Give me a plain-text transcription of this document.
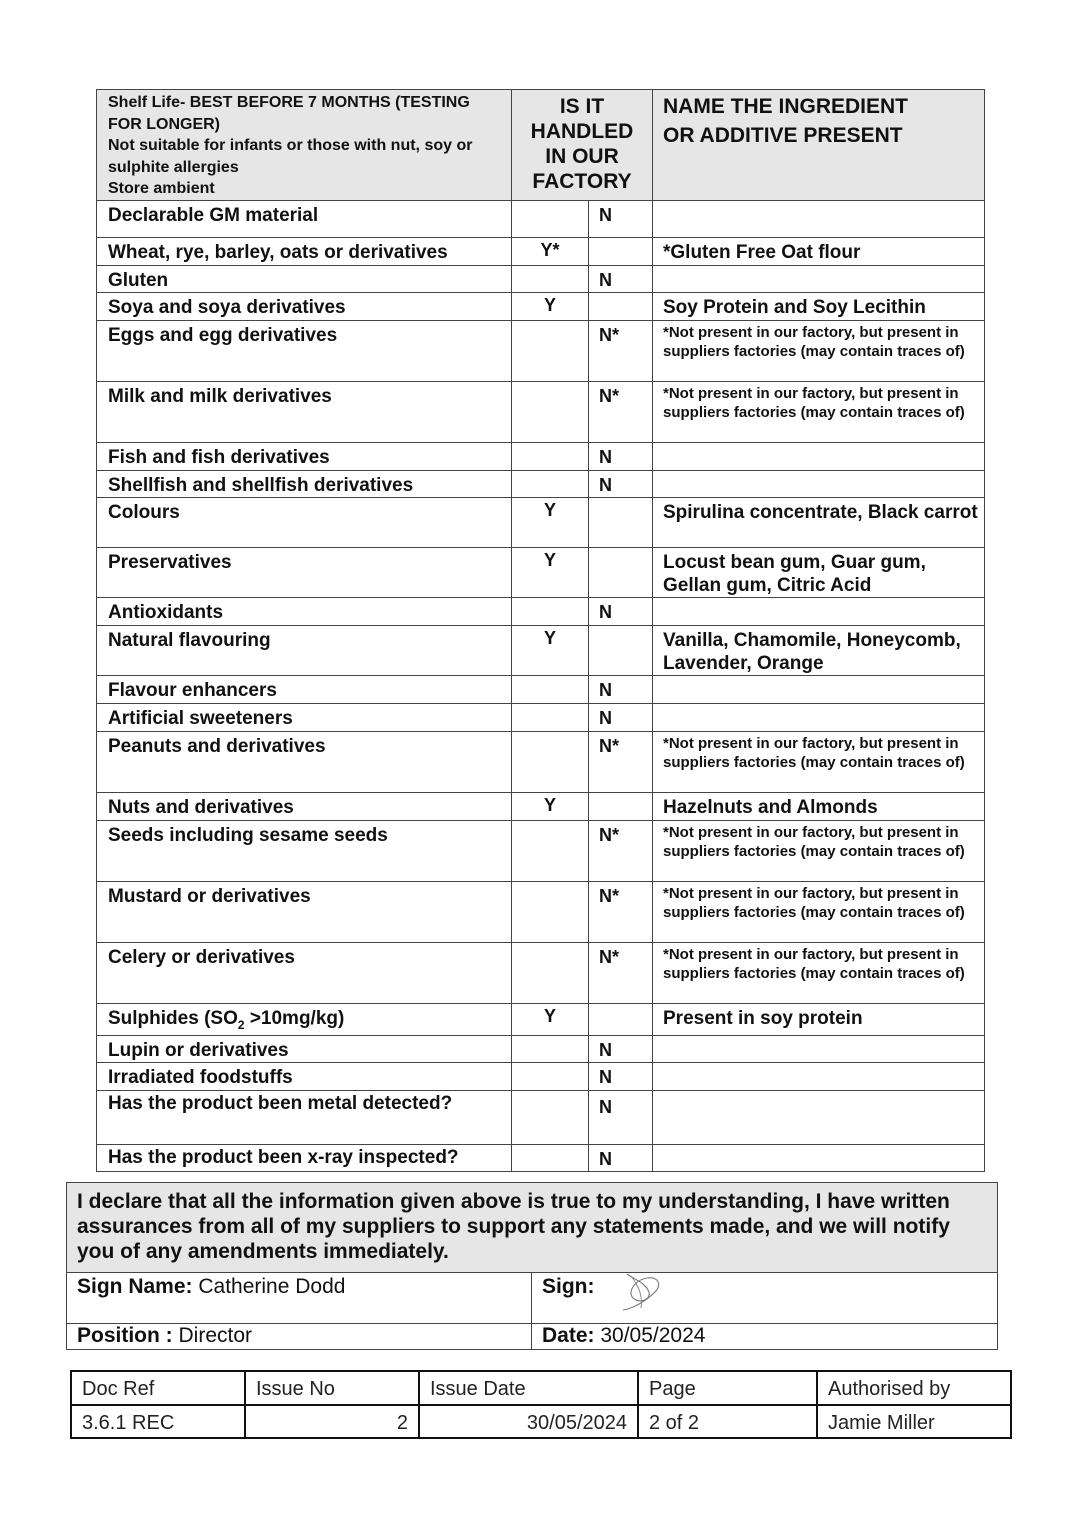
Shelf Life- BEST BEFORE 7 MONTHS (TESTING FOR LONGER)
Not suitable for infants or those with nut, soy or sulphite allergies
Store ambient	IS IT HANDLED IN OUR FACTORY		NAME THE INGREDIENT OR ADDITIVE PRESENT
Declarable GM material		N	
Wheat, rye, barley, oats or derivatives	Y*		*Gluten Free Oat flour
Gluten		N	
Soya and soya derivatives	Y		Soy Protein and Soy Lecithin
Eggs and egg derivatives		N*	*Not present in our factory, but present in suppliers factories (may contain traces of)
Milk and milk derivatives		N*	*Not present in our factory, but present in suppliers factories (may contain traces of)
Fish and fish derivatives		N	
Shellfish and shellfish derivatives		N	
Colours	Y		Spirulina concentrate, Black carrot
Preservatives	Y		Locust bean gum, Guar gum, Gellan gum, Citric Acid
Antioxidants		N	
Natural flavouring	Y		Vanilla, Chamomile, Honeycomb, Lavender, Orange
Flavour enhancers		N	
Artificial sweeteners		N	
Peanuts and derivatives		N*	*Not present in our factory, but present in suppliers factories (may contain traces of)
Nuts and derivatives	Y		Hazelnuts and Almonds
Seeds including sesame seeds		N*	*Not present in our factory, but present in suppliers factories (may contain traces of)
Mustard or derivatives		N*	*Not present in our factory, but present in suppliers factories (may contain traces of)
Celery or derivatives		N*	*Not present in our factory, but present in suppliers factories (may contain traces of)
Sulphides $(SO_2 >10mg/kg)$	Y		Present in soy protein
Lupin or derivatives		N	
Irradiated foodstuffs		N	
Has the product been metal detected?		N	
Has the product been x-ray inspected?		N	
I declare that all the information given above is true to my understanding, I have written assurances from all of my suppliers to support any statements made, and we will notify you of any amendments immediately.	
Sign Name: Catherine Dodd	Sign:
Position : Director	Date: 30/05/2024
Doc Ref	Issue No	Issue Date	Page	Authorised by
3.6.1 REC	2	30/05/2024	2 of 2	Jamie Miller
